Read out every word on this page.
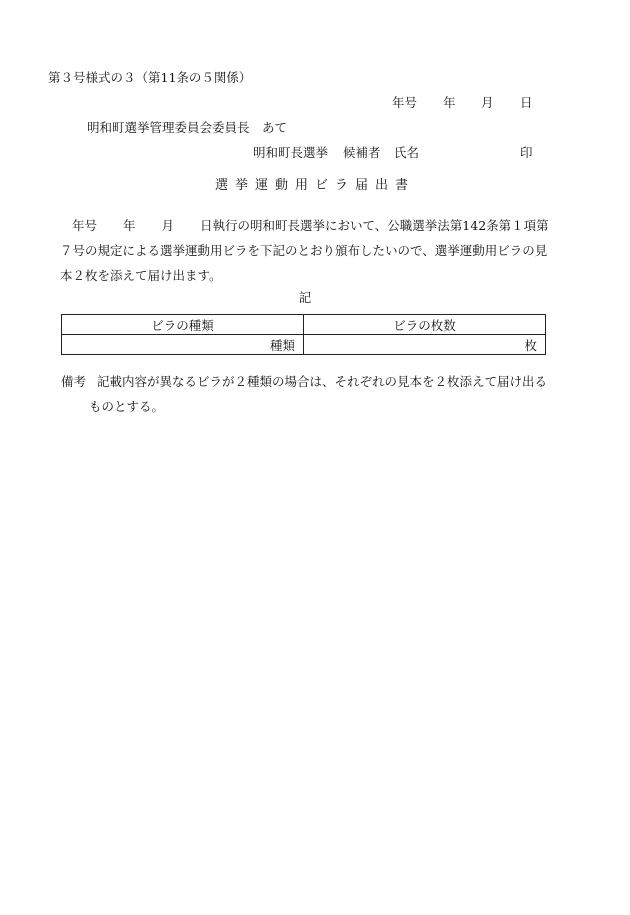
第３号様式の３（第11条の５関係）
年号 年 月 日
明和町選挙管理委員会委員長　あて
明和町長選挙 候補者 氏名	印
選挙運動用ビラ届出書
年号 年 月 日執行の明和町長選挙において、公職選挙法第142条第１項第７号の規定による選挙運動用ビラを下記のとおり頒布したいので、選挙運動用ビラの見本２枚を添えて届け出ます。
記
ビラの種類	ビラの枚数
種類	枚
備考 記載内容が異なるビラが２種類の場合は、それぞれの見本を２枚添えて届け出る
ものとする。
